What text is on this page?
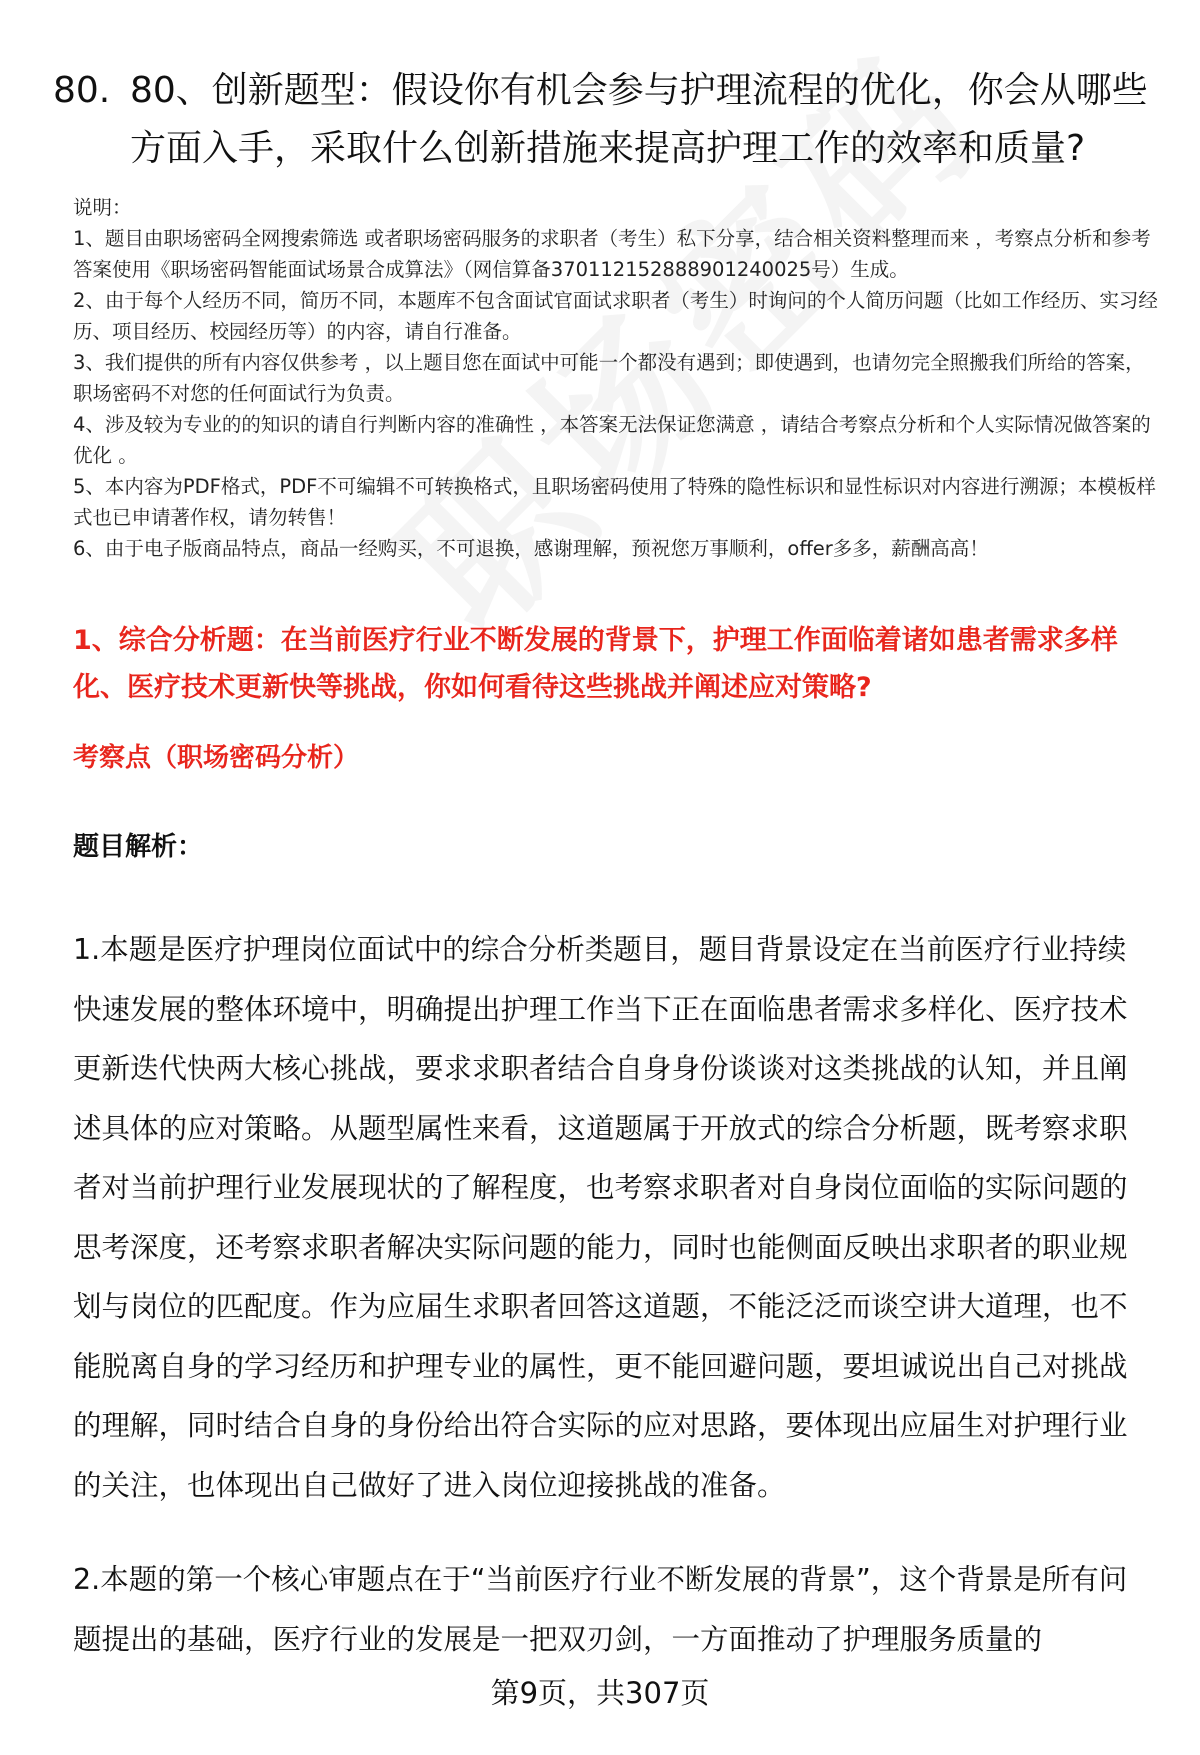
80. 80、创新题型：假设你有机会参与护理流程的优化，你会从哪些方面入手，采取什么创新措施来提高护理工作的效率和质量?

说明：

1、题目由职场密码全网搜索筛选 或者职场密码服务的求职者（考生）私下分享，结合相关资料整理而来 ，考察点分析和参考答案使用《职场密码智能面试场景合成算法》（网信算备370112152888901240025号）生成。

2、由于每个人经历不同，简历不同，本题库不包含面试官面试求职者（考生）时询问的个人简历问题（比如工作经历、实习经历、项目经历、校园经历等）的内容，请自行准备。

3、我们提供的所有内容仅供参考 ，以上题目您在面试中可能一个都没有遇到；即使遇到，也请勿完全照搬我们所给的答案，职场密码不对您的任何面试行为负责。

4、涉及较为专业的的知识的请自行判断内容的准确性 ，本答案无法保证您满意 ，请结合考察点分析和个人实际情况做答案的优化 。

5、本内容为PDF格式，PDF不可编辑不可转换格式，且职场密码使用了特殊的隐性标识和显性标识对内容进行溯源；本模板样式也已申请著作权，请勿转售！

6、由于电子版商品特点，商品一经购买，不可退换，感谢理解，预祝您万事顺利，offer多多，薪酬高高！

1、综合分析题：在当前医疗行业不断发展的背景下，护理工作面临着诸如患者需求多样化、医疗技术更新快等挑战，你如何看待这些挑战并阐述应对策略?
考察点（职场密码分析）
题目解析：

1.本题是医疗护理岗位面试中的综合分析类题目，题目背景设定在当前医疗行业持续快速发展的整体环境中，明确提出护理工作当下正在面临患者需求多样化、医疗技术更新迭代快两大核心挑战，要求求职者结合自身身份谈谈对这类挑战的认知，并且阐述具体的应对策略。从题型属性来看，这道题属于开放式的综合分析题，既考察求职者对当前护理行业发展现状的了解程度，也考察求职者对自身岗位面临的实际问题的思考深度，还考察求职者解决实际问题的能力，同时也能侧面反映出求职者的职业规划与岗位的匹配度。作为应届生求职者回答这道题，不能泛泛而谈空讲大道理，也不能脱离自身的学习经历和护理专业的属性，更不能回避问题，要坦诚说出自己对挑战的理解，同时结合自身的身份给出符合实际的应对思路，要体现出应届生对护理行业的关注，也体现出自己做好了进入岗位迎接挑战的准备。

2.本题的第一个核心审题点在于“当前医疗行业不断发展的背景”，这个背景是所有问题提出的基础，医疗行业的发展是一把双刃剑，一方面推动了护理服务质量的

第9页，共307页
